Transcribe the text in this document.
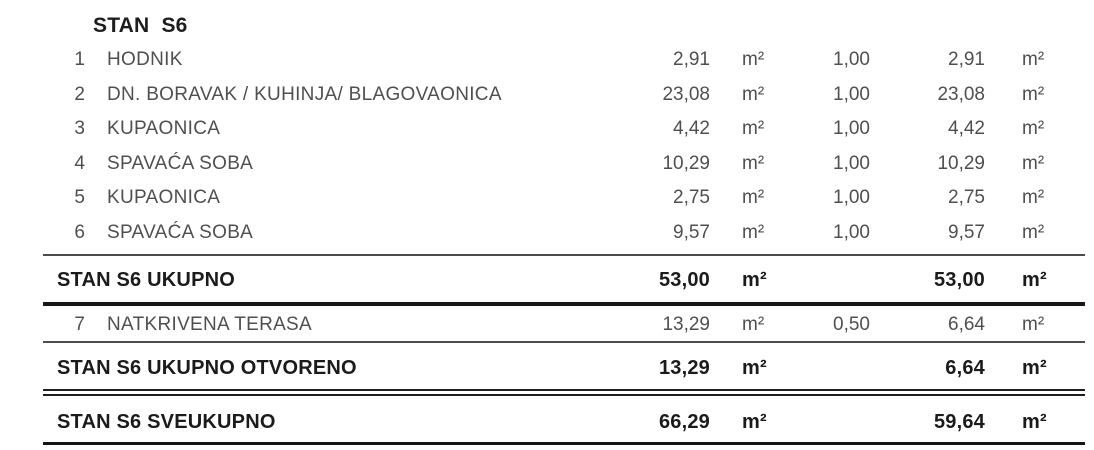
STAN S6
1 HODNIK	2,91 m²	1,00	2,91 m²
2 DN. BORAVAK / KUHINJA/ BLAGOVAONICA	23,08 m²	1,00	23,08 m²
3 KUPAONICA	4,42 m²	1,00	4,42 m²
4 SPAVAĆA SOBA	10,29 m²	1,00	10,29 m²
5 KUPAONICA	2,75 m²	1,00	2,75 m²
6 SPAVAĆA SOBA	9,57 m²	1,00	9,57 m²
STAN S6 UKUPNO	53,00 m²	53,00 m²
7 NATKRIVENA TERASA	13,29 m²	0,50	6,64 m²
STAN S6 UKUPNO OTVORENO	13,29 m²	6,64 m²
STAN S6 SVEUKUPNO	66,29 m²	59,64 m²
